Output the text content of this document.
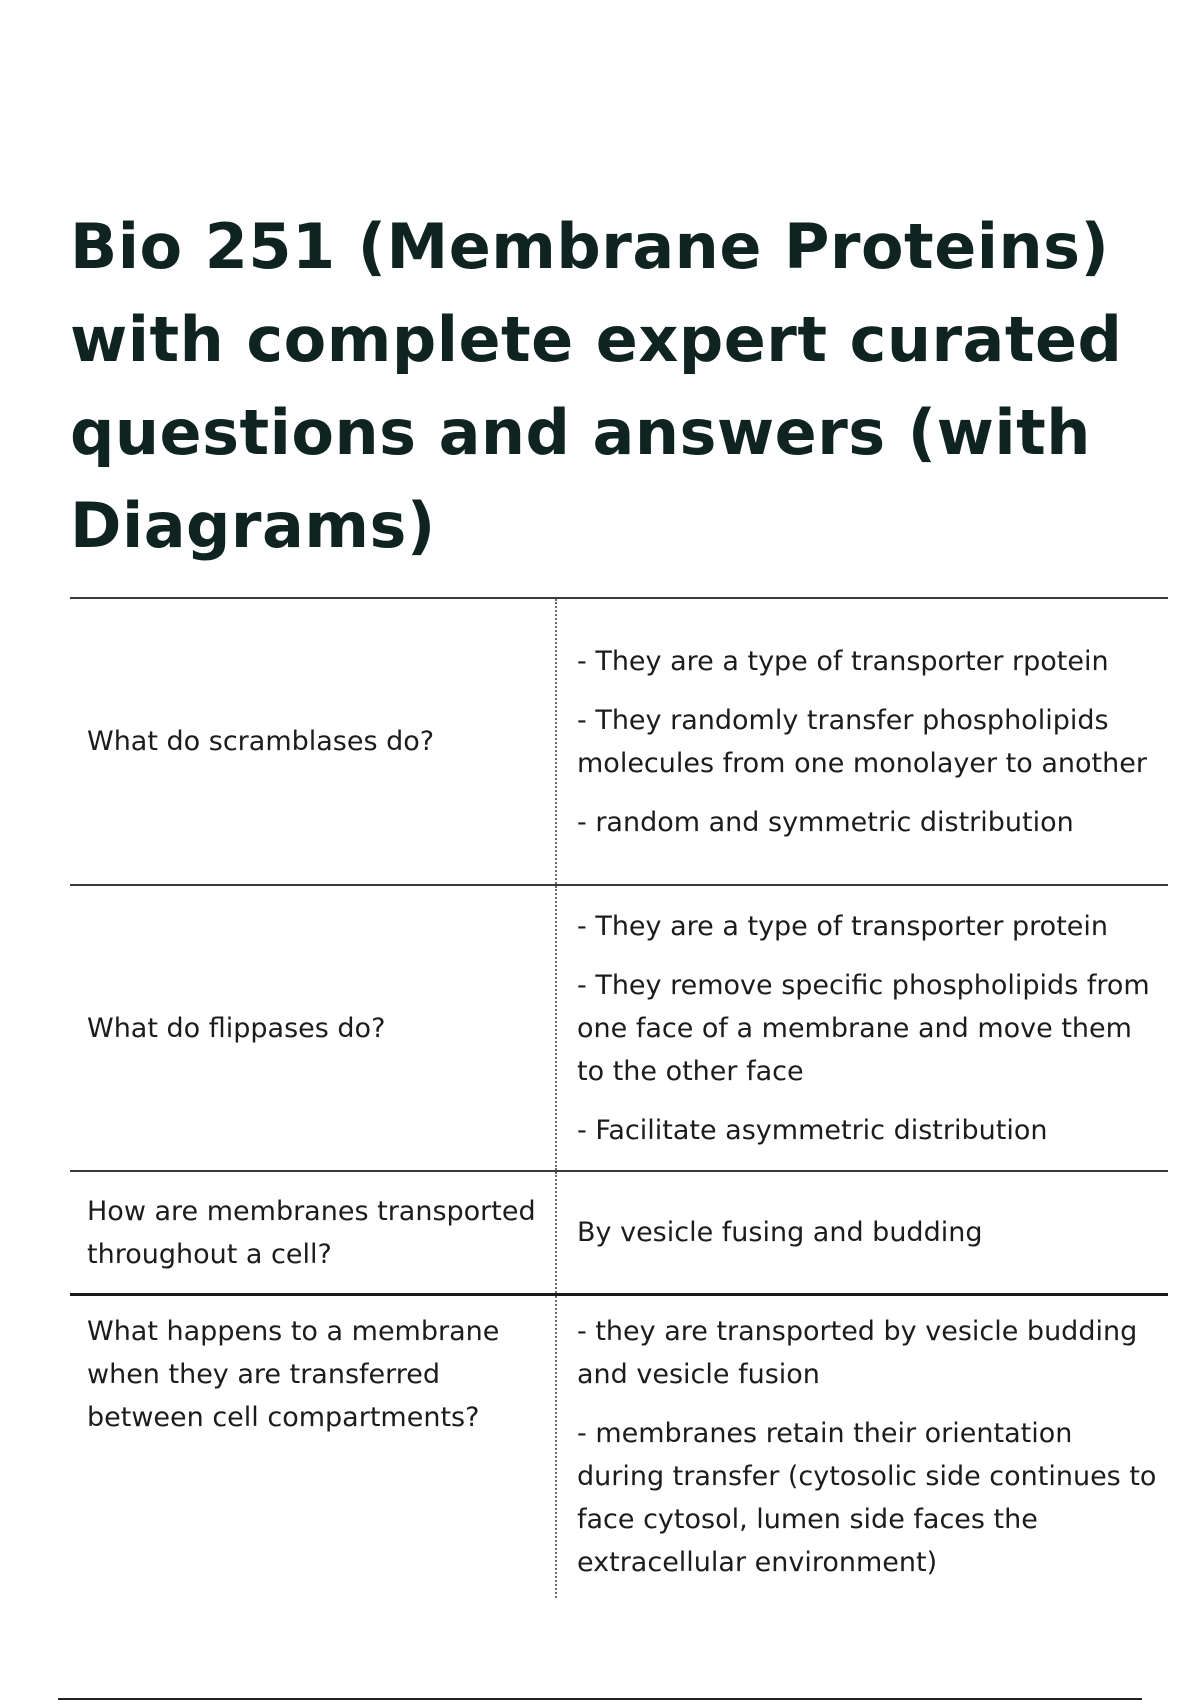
Bio 251 (Membrane Proteins) with complete expert curated questions and answers (with Diagrams)
What do scramblases do?

- They are a type of transporter rpotein

- They randomly transfer phospholipids molecules from one monolayer to another

- random and symmetric distribution

What do flippases do?

- They are a type of transporter protein

- They remove specific phospholipids from one face of a membrane and move them to the other face

- Facilitate asymmetric distribution

How are membranes transported throughout a cell?

By vesicle fusing and budding

What happens to a membrane when they are transferred between cell compartments?

- they are transported by vesicle budding and vesicle fusion

- membranes retain their orientation during transfer (cytosolic side continues to face cytosol, lumen side faces the extracellular environment)
